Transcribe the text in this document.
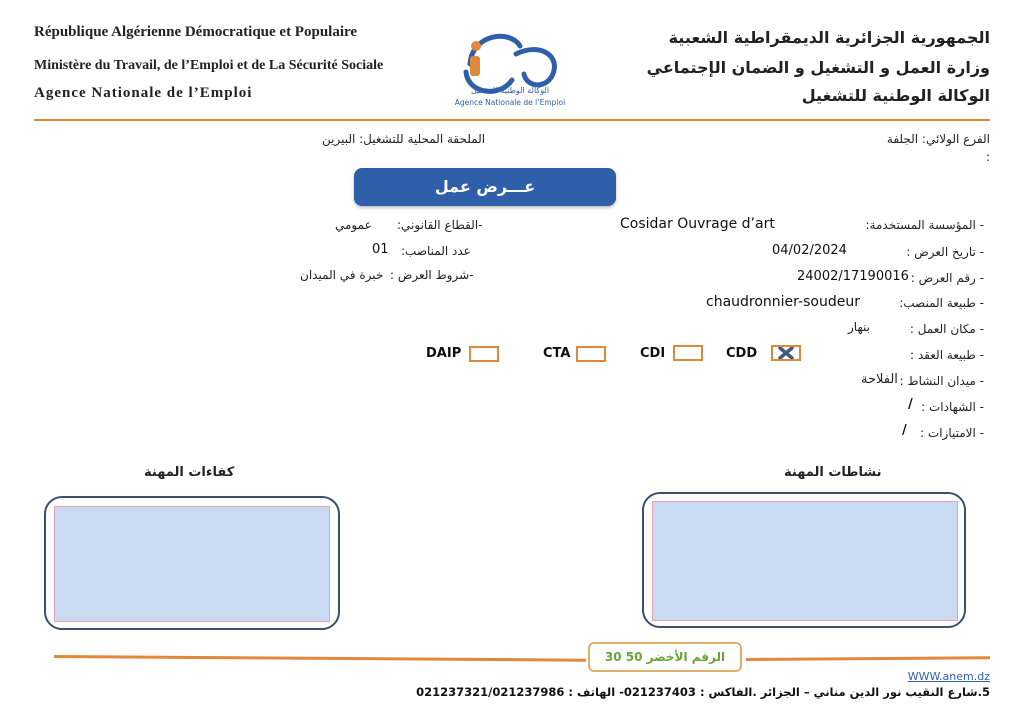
République Algérienne Démocratique et Populaire
Ministère du Travail, de l’Emploi et de La Sécurité Sociale
Agence Nationale de l’Emploi	الوكالة الوطنية للتشغيل
Agence Nationale de l’Emploi
الجمهورية الجزائرية الديمقراطية الشعبية
وزارة العمل و التشغيل و الضمان الإجتماعي
الوكالة الوطنية للتشغيل
الفرع الولائي: الجلفة
:
الملحقة المحلية للتشغيل: البيرين
عـــرض عمل
- المؤسسة المستخدمة:
Cosidar Ouvrage d’art
- تاريخ العرض :
04/02/2024
- رقم العرض :
24002/17190016
- طبيعة المنصب:
chaudronnier-soudeur
- مكان العمل :
بنهار
- طبيعة العقد :
- ميدان النشاط :
الفلاحة
- الشهادات :
/
- الامتيازات :
/
-القطاع القانوني:
عمومي
عدد المناصب:
01
-شروط العرض :
خبرة في الميدان
CDD
CDI
CTA
DAIP
نشاطات المهنة
كفاءات المهنة
الرقم الأخضر 50 30
WWW.anem.dz
5.شارع النقيب نور الدين مناني – الجزائر .الفاكس : 021237403- الهاتف : 021237321/021237986
